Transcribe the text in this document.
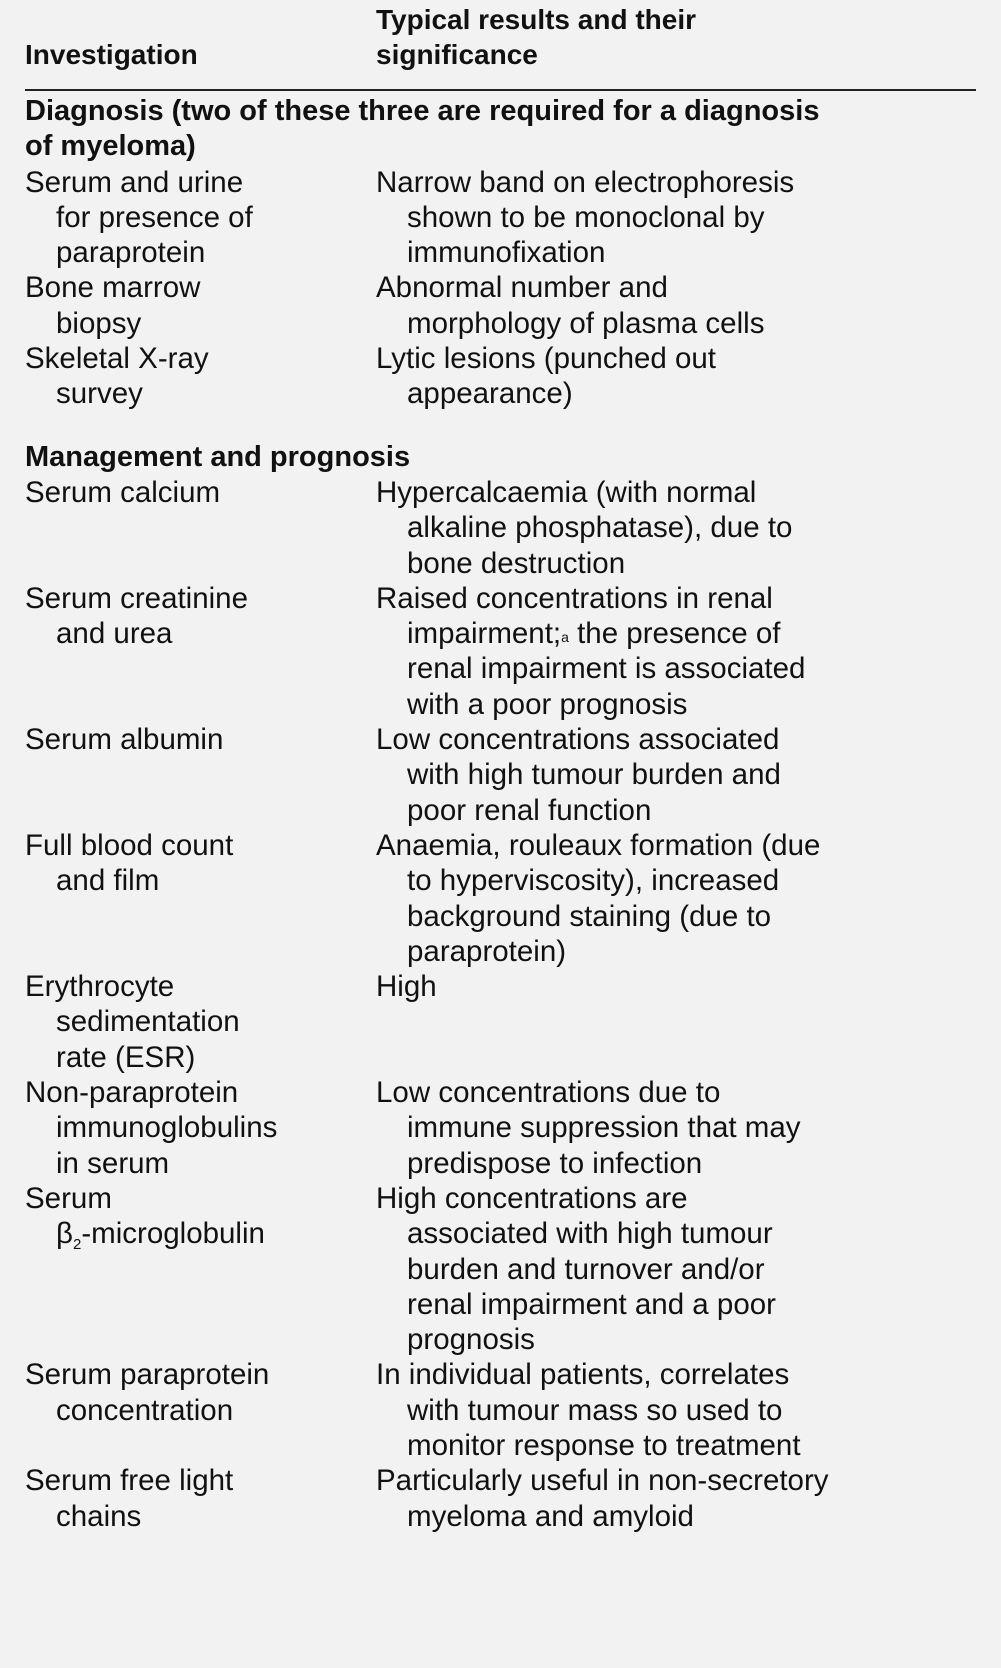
Investigation
Typical results and their
significance
Diagnosis (two of these three are required for a diagnosis
of myeloma)
Serum and urine
for presence of
paraprotein
Narrow band on electrophoresis
shown to be monoclonal by
immunofixation
Bone marrow
biopsy
Abnormal number and
morphology of plasma cells
Skeletal X-ray
survey
Lytic lesions (punched out
appearance)
Management and prognosis
Serum calcium	Hypercalcaemia (with normal
alkaline phosphatase), due to
bone destruction
Serum creatinine
and urea
Raised concentrations in renal
impairment;$^a$ the presence of
renal impairment is associated
with a poor prognosis
Serum albumin	Low concentrations associated
with high tumour burden and
poor renal function
Full blood count
and film
Anaemia, rouleaux formation (due
to hyperviscosity), increased
background staining (due to
paraprotein)
Erythrocyte
sedimentation
rate (ESR)
High
Non-paraprotein
immunoglobulins
in serum
Low concentrations due to
immune suppression that may
predispose to infection
Serum
$\beta_2$-microglobulin
High concentrations are
associated with high tumour
burden and turnover and/or
renal impairment and a poor
prognosis
Serum paraprotein
concentration
In individual patients, correlates
with tumour mass so used to
monitor response to treatment
Serum free light
chains
Particularly useful in non-secretory
myeloma and amyloid
